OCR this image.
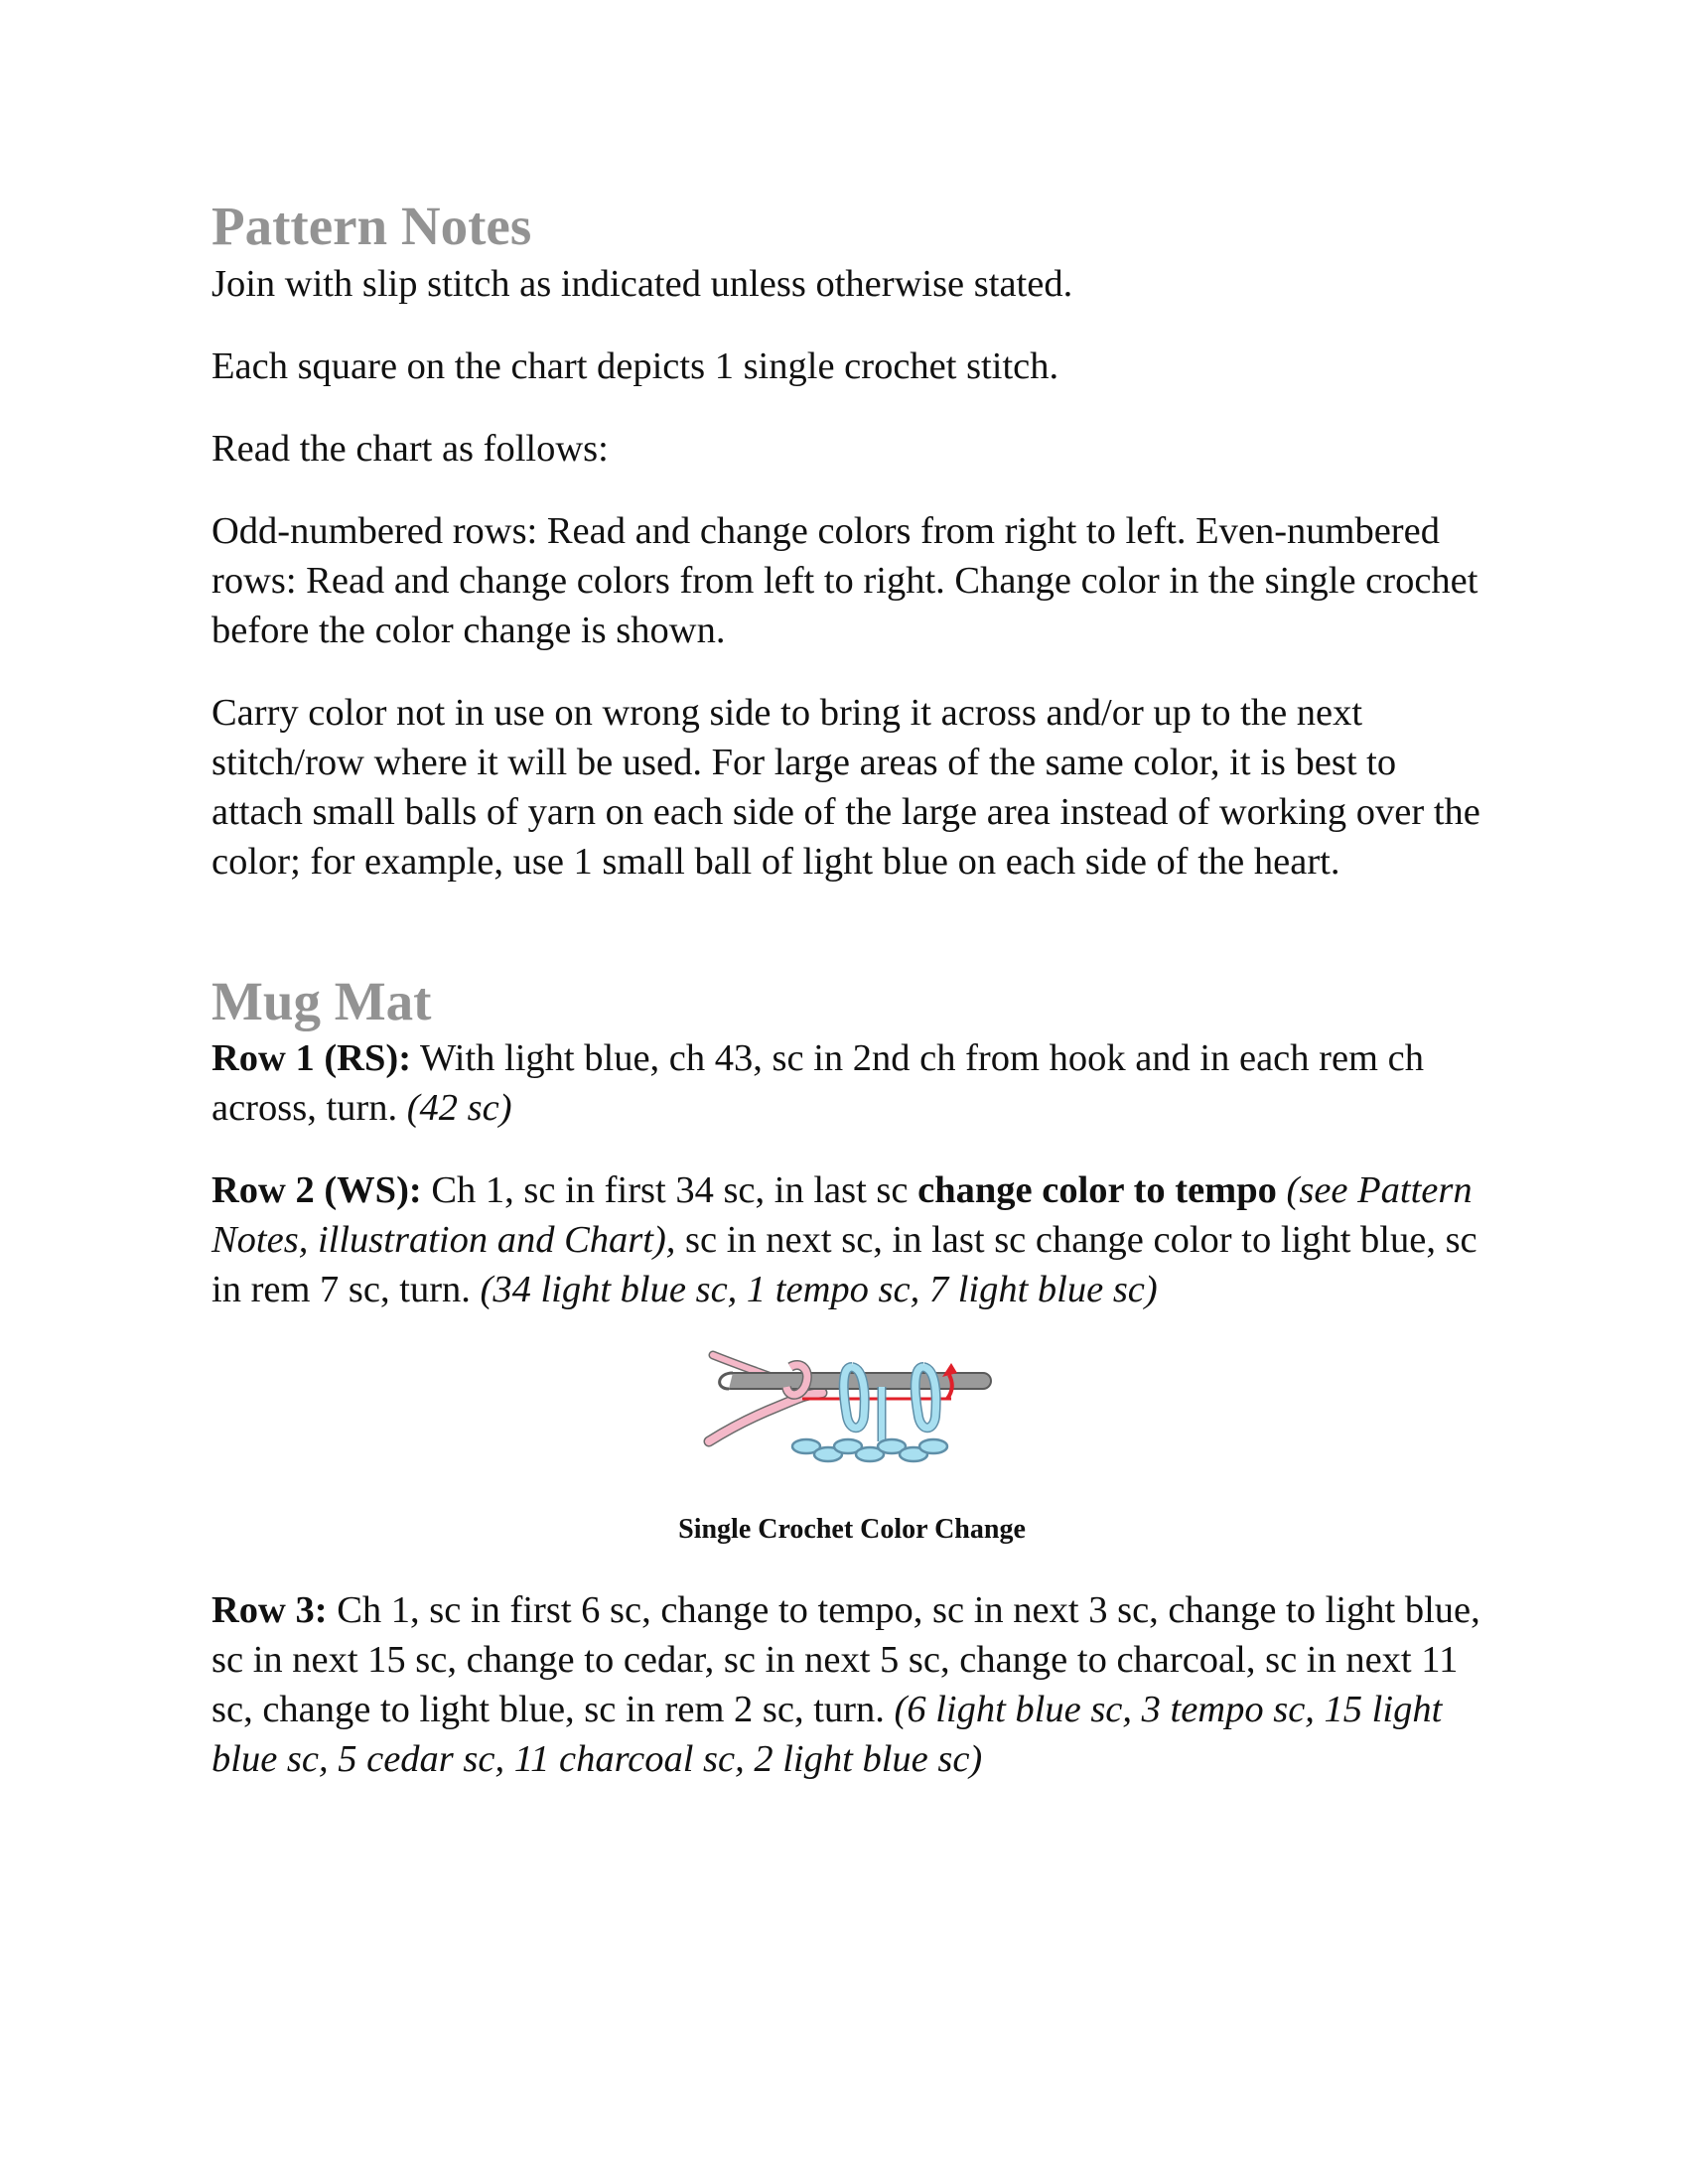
Pattern Notes

Join with slip stitch as indicated unless otherwise stated.

Each square on the chart depicts 1 single crochet stitch.

Read the chart as follows:

Odd-numbered rows: Read and change colors from right to left. Even-numbered rows: Read and change colors from left to right. Change color in the single crochet before the color change is shown.

Carry color not in use on wrong side to bring it across and/or up to the next stitch/row where it will be used. For large areas of the same color, it is best to attach small balls of yarn on each side of the large area instead of working over the color; for example, use 1 small ball of light blue on each side of the heart.

Mug Mat

Row 1 (RS): With light blue, ch 43, sc in 2nd ch from hook and in each rem ch across, turn. (42 sc)

Row 2 (WS): Ch 1, sc in first 34 sc, in last sc change color to tempo (see Pattern Notes, illustration and Chart), sc in next sc, in last sc change color to light blue, sc in rem 7 sc, turn. (34 light blue sc, 1 tempo sc, 7 light blue sc)

Single Crochet Color Change

Row 3: Ch 1, sc in first 6 sc, change to tempo, sc in next 3 sc, change to light blue, sc in next 15 sc, change to cedar, sc in next 5 sc, change to charcoal, sc in next 11 sc, change to light blue, sc in rem 2 sc, turn. (6 light blue sc, 3 tempo sc, 15 light blue sc, 5 cedar sc, 11 charcoal sc, 2 light blue sc)
